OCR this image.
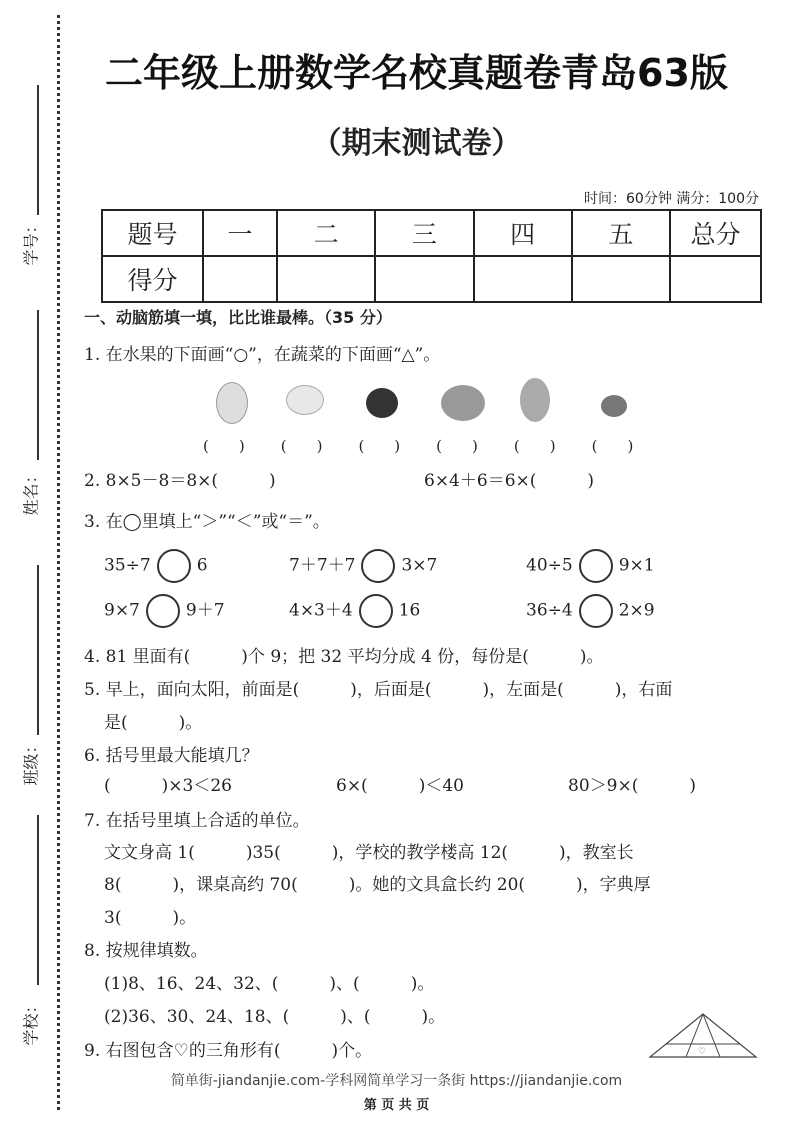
学号：
姓名：
班级：
学校：
二年级上册数学名校真题卷青岛63版
（期末测试卷）
时间：60分钟 满分：100分
题号	一	二	三	四	五	总分
得分						
一、动脑筋填一填，比比谁最棒。（35 分）
1. 在水果的下面画“○”，在蔬菜的下面画“△”。
(　　) (　　) (　　) (　　) (　　) (　　)
2. 8×5－8＝8×(　　　)	6×4＋6＝6×(　　　)
3. 在◯里填上“＞”“＜”或“＝”。
35÷7	6	7＋7＋7	3×7	40÷5	9×1
9×7	9＋7	4×3＋4	16	36÷4	2×9
4. 81 里面有(　　　)个 9；把 32 平均分成 4 份，每份是(　　　)。
5. 早上，面向太阳，前面是(　　　)，后面是(　　　)，左面是(　　　)，右面
是(　　　)。
6. 括号里最大能填几？
(　　　)×3＜26	6×(　　　)＜40	80＞9×(　　　)
7. 在括号里填上合适的单位。
文文身高 1(　　　)35(　　　)，学校的教学楼高 12(　　　)，教室长
8(　　　)，课桌高约 70(　　　)。她的文具盒长约 20(　　　)，字典厚
3(　　　)。
8. 按规律填数。
(1)8、16、24、32、(　　　)、(　　　)。
(2)36、30、24、18、(　　　)、(　　　)。
9. 右图包含♡的三角形有(　　　)个。	♡
简单街-jiandanjie.com-学科网简单学习一条街 https://jiandanjie.com
第 页 共 页
